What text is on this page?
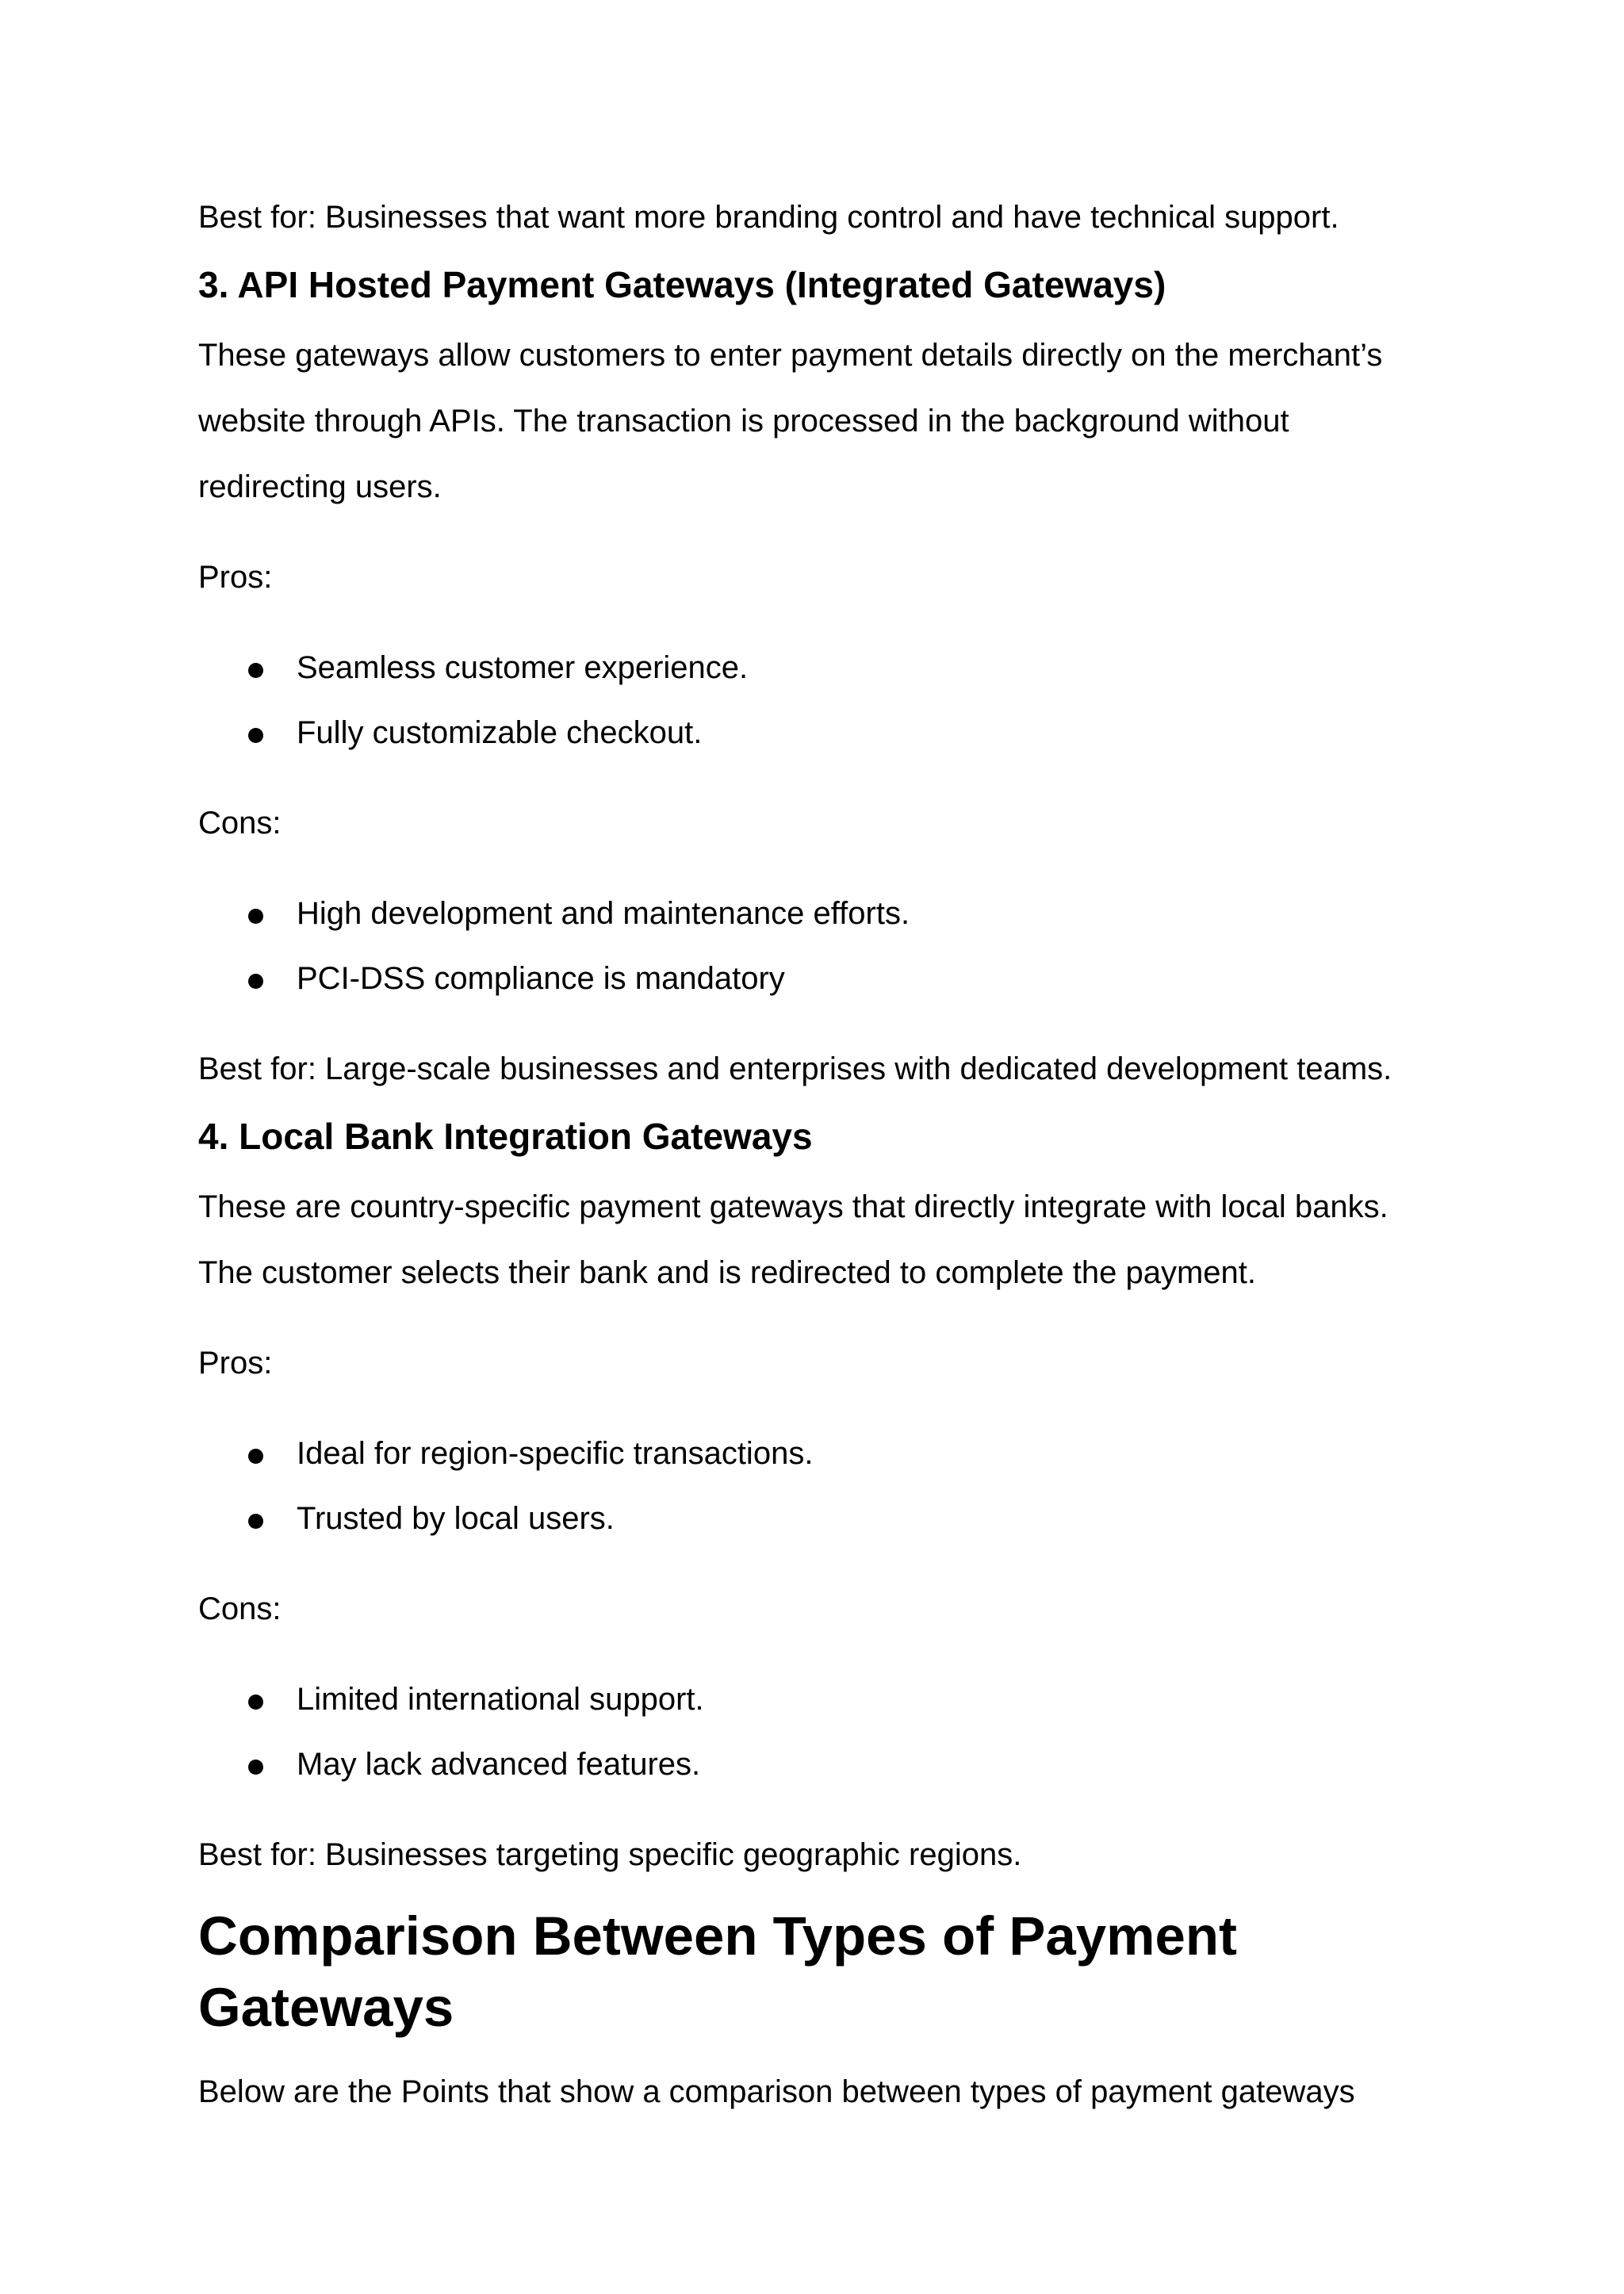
Best for: Businesses that want more branding control and have technical support.
3. API Hosted Payment Gateways (Integrated Gateways)
These gateways allow customers to enter payment details directly on the merchant’s
website through APIs. The transaction is processed in the background without
redirecting users.
Pros:
Seamless customer experience.
Fully customizable checkout.
Cons:
High development and maintenance efforts.
PCI-DSS compliance is mandatory
Best for: Large-scale businesses and enterprises with dedicated development teams.
4. Local Bank Integration Gateways
These are country-specific payment gateways that directly integrate with local banks.
The customer selects their bank and is redirected to complete the payment.
Pros:
Ideal for region-specific transactions.
Trusted by local users.
Cons:
Limited international support.
May lack advanced features.
Best for: Businesses targeting specific geographic regions.
Comparison Between Types of Payment
Gateways
Below are the Points that show a comparison between types of payment gateways
